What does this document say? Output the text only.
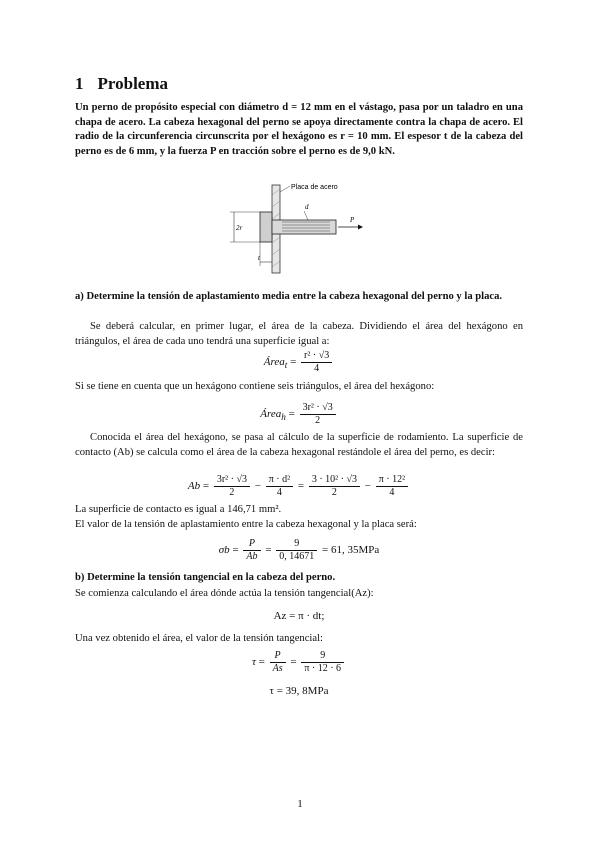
1 Problema

Un perno de propósito especial con diámetro d = 12 mm en el vástago, pasa por un taladro en una chapa de acero. La cabeza hexagonal del perno se apoya directamente contra la chapa de acero. El radio de la circunferencia circunscrita por el hexágono es r = 10 mm. El espesor t de la cabeza del perno es de 6 mm, y la fuerza P en tracción sobre el perno es de 9,0 kN.

Placa de acero
d
P
2r
t

a) Determine la tensión de aplastamiento media entre la cabeza hexagonal del perno y la placa.

Se deberá calcular, en primer lugar, el área de la cabeza. Dividiendo el área del hexágono en triángulos, el área de cada uno tendrá una superficie igual a:

Área$_t$ = $\frac{\text{r² · √3}}{4}$

Si se tiene en cuenta que un hexágono contiene seis triángulos, el área del hexágono:

Área$_h$ = $\frac{\text{3r² · √3}}{2}$

Conocida el área del hexágono, se pasa al cálculo de la superficie de rodamiento. La superficie de contacto (Ab) se calcula como el área de la cabeza hexagonal restándole el área del perno, es decir:

$Ab = \frac{\text{3r² · √3}}{2} - \frac{\text{π · d²}}{4} = \frac{\text{3 · 10² · √3}}{2} - \frac{\text{π · 12²}}{4}$

La superficie de contacto es igual a 146,71 mm².

El valor de la tensión de aplastamiento entre la cabeza hexagonal y la placa será:

$\sigma b = \frac{P}{Ab} = \frac{9}{0, 14671} = 61$, 35MPa

b) Determine la tensión tangencial en la cabeza del perno.

Se comienza calculando el área dónde actúa la tensión tangencial(Az):

Az = π · dt;

Una vez obtenido el área, el valor de la tensión tangencial:

$\tau = \frac{P}{As} = \frac{9}{\pi \cdot 12 \cdot 6}$
τ = 39, 8MPa
1
